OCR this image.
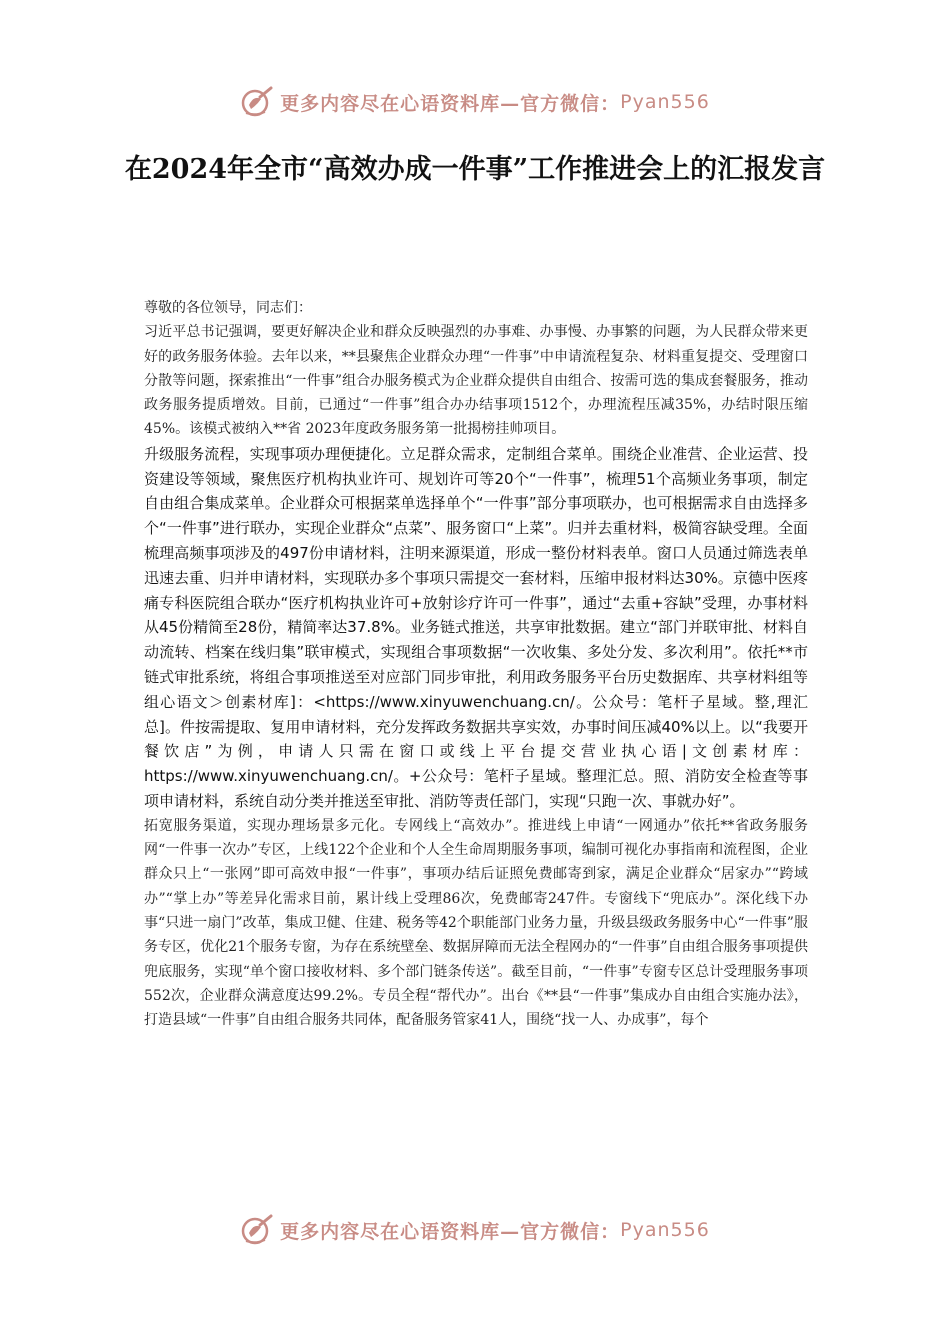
更多内容尽在心语资料库—官方微信： Pyan556
在2024年全市“高效办成一件事”工作推进会上的汇报发言

尊敬的各位领导，同志们：

习近平总书记强调，要更好解决企业和群众反映强烈的办事难、办事慢、办事繁的问题，为人民群众带来更好的政务服务体验。去年以来，**县聚焦企业群众办理“一件事”中申请流程复杂、材料重复提交、受理窗口分散等问题，探索推出“一件事”组合办服务模式为企业群众提供自由组合、按需可选的集成套餐服务，推动政务服务提质增效。目前，已通过“一件事”组合办办结事项1512个，办理流程压减35%，办结时限压缩45%。该模式被纳入**省 2023年度政务服务第一批揭榜挂帅项目。

升级服务流程，实现事项办理便捷化。立足群众需求，定制组合菜单。围绕企业准营、企业运营、投资建设等领域，聚焦医疗机构执业许可、规划许可等20个“一件事”，梳理51个高频业务事项，制定自由组合集成菜单。企业群众可根据菜单选择单个“一件事”部分事项联办，也可根据需求自由选择多个“一件事”进行联办，实现企业群众“点菜”、服务窗口“上菜”。归并去重材料，极简容缺受理。全面梳理高频事项涉及的497份申请材料，注明来源渠道，形成一整份材料表单。窗口人员通过筛选表单迅速去重、归并申请材料，实现联办多个事项只需提交一套材料，压缩申报材料达30%。京德中医疼痛专科医院组合联办“医疗机构执业许可+放射诊疗许可一件事”，通过“去重+容缺”受理，办事材料从45份精简至28份，精简率达37.8%。业务链式推送，共享审批数据。建立“部门并联审批、材料自动流转、档案在线归集”联审模式，实现组合事项数据“一次收集、多处分发、多次利用”。依托**市链式审批系统，将组合事项推送至对应部门同步审批，利用政务服务平台历史数据库、共享材料组等组心语文＞创素材库]：<https://www.xinyuwenchuang.cn/。公众号：笔杆子星域。整,理汇总]。件按需提取、复用申请材料，充分发挥政务数据共享实效，办事时间压减40%以上。以“我要开餐饮店”为例，申请人只需在窗口或线上平台提交营业执心语|文创素材库：https://www.xinyuwenchuang.cn/。+公众号：笔杆子星域。整理汇总。照、消防安全检查等事项申请材料，系统自动分类并推送至审批、消防等责任部门，实现“只跑一次、事就办好”。

拓宽服务渠道，实现办理场景多元化。专网线上“高效办”。推进线上申请“一网通办”依托**省政务服务网“一件事一次办”专区，上线122个企业和个人全生命周期服务事项，编制可视化办事指南和流程图，企业群众只上“一张网”即可高效申报“一件事”，事项办结后证照免费邮寄到家，满足企业群众“居家办”“跨域办”“掌上办”等差异化需求目前，累计线上受理86次，免费邮寄247件。专窗线下“兜底办”。深化线下办事“只进一扇门”改革，集成卫健、住建、税务等42个职能部门业务力量，升级县级政务服务中心“一件事”服务专区，优化21个服务专窗，为存在系统壁垒、数据屏障而无法全程网办的“一件事”自由组合服务事项提供兜底服务，实现“单个窗口接收材料、多个部门链条传送”。截至目前，“一件事”专窗专区总计受理服务事项552次，企业群众满意度达99.2%。专员全程“帮代办”。出台《**县“一件事”集成办自由组合实施办法》，打造县域“一件事”自由组合服务共同体，配备服务管家41人，围绕“找一人、办成事”，每个

更多内容尽在心语资料库—官方微信： Pyan556
